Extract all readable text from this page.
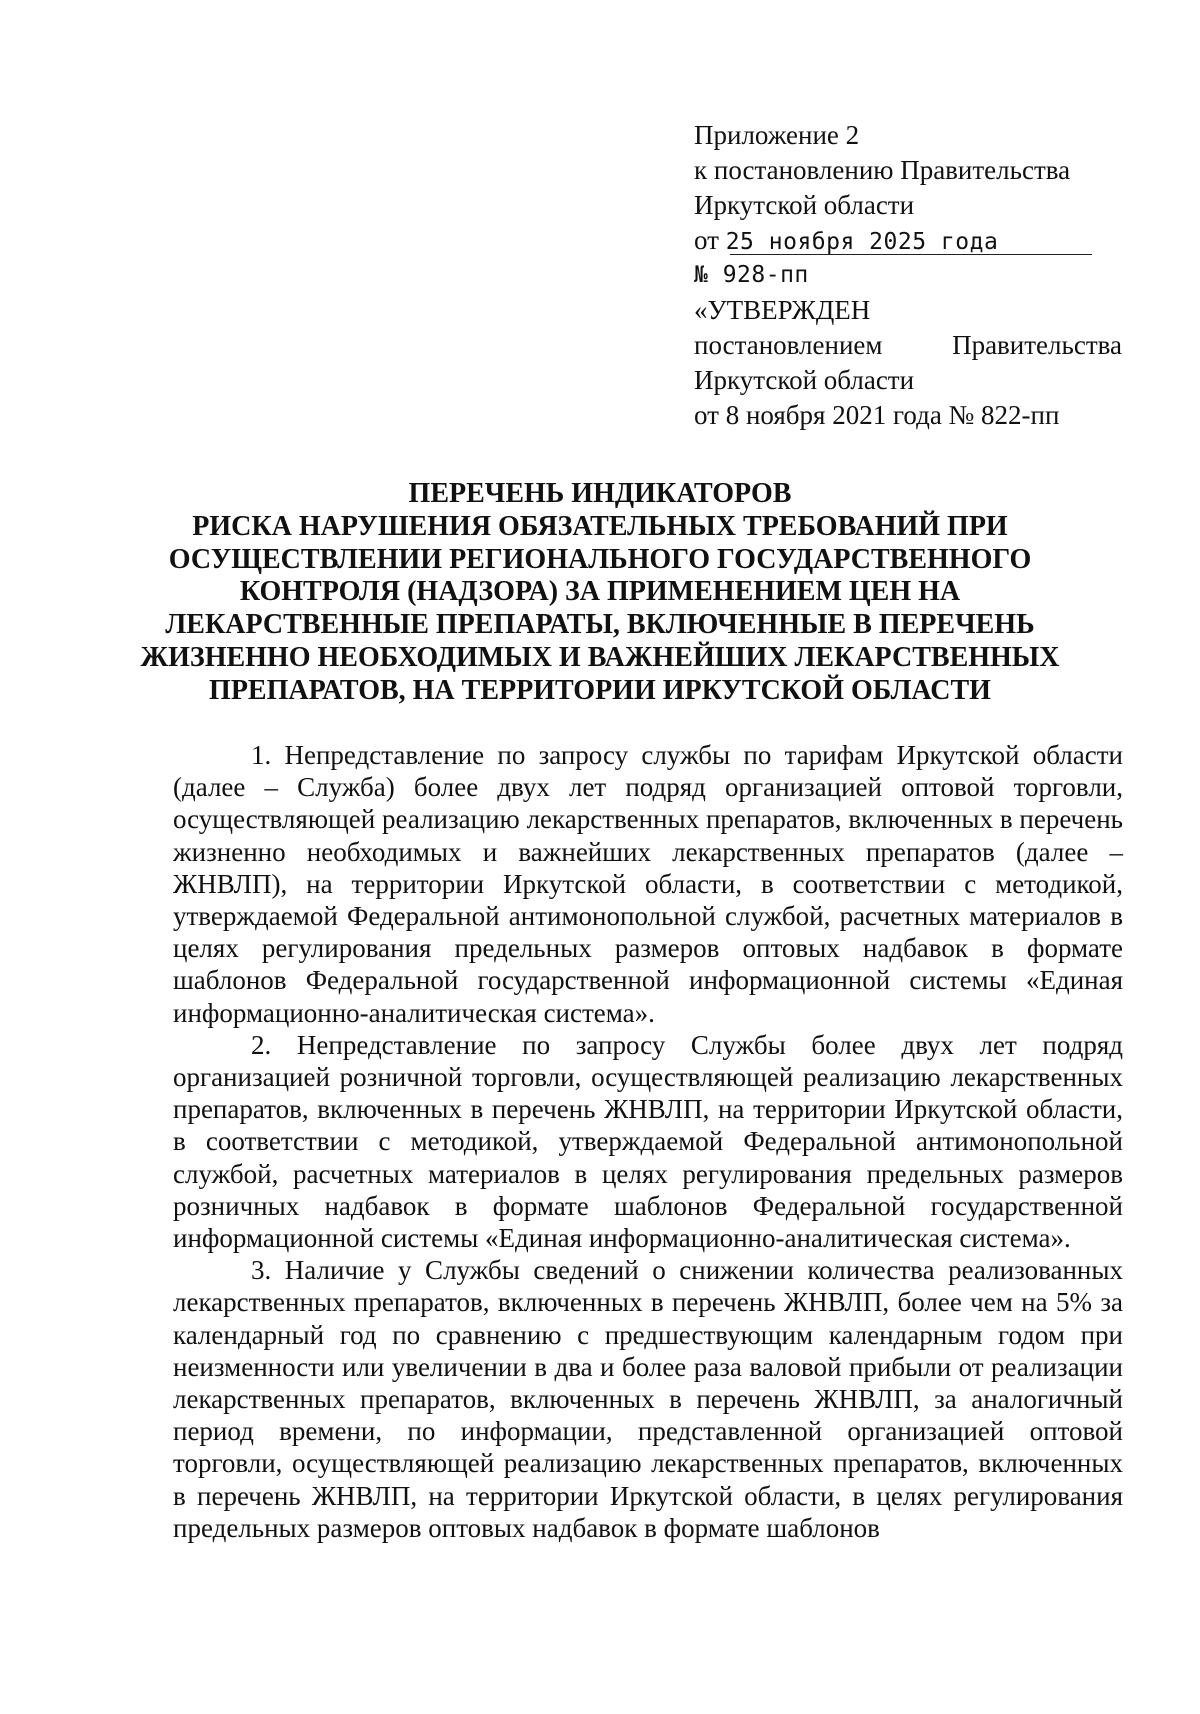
Приложение 2
к постановлению Правительства
Иркутской области
от 25 ноября 2025 года
№ 928-пп
«УТВЕРЖДЕН
постановлением	Правительства
Иркутской области
от 8 ноября 2021 года № 822-пп
ПЕРЕЧЕНЬ ИНДИКАТОРОВ
РИСКА НАРУШЕНИЯ ОБЯЗАТЕЛЬНЫХ ТРЕБОВАНИЙ ПРИ
ОСУЩЕСТВЛЕНИИ РЕГИОНАЛЬНОГО ГОСУДАРСТВЕННОГО
КОНТРОЛЯ (НАДЗОРА) ЗА ПРИМЕНЕНИЕМ ЦЕН НА
ЛЕКАРСТВЕННЫЕ ПРЕПАРАТЫ, ВКЛЮЧЕННЫЕ В ПЕРЕЧЕНЬ
ЖИЗНЕННО НЕОБХОДИМЫХ И ВАЖНЕЙШИХ ЛЕКАРСТВЕННЫХ
ПРЕПАРАТОВ, НА ТЕРРИТОРИИ ИРКУТСКОЙ ОБЛАСТИ

1. Непредставление по запросу службы по тарифам Иркутской области (далее – Служба) более двух лет подряд организацией оптовой торговли, осуществляющей реализацию лекарственных препаратов, включенных в перечень жизненно необходимых и важнейших лекарственных препаратов (далее – ЖНВЛП), на территории Иркутской области, в соответствии с методикой, утверждаемой Федеральной антимонопольной службой, расчетных материалов в целях регулирования предельных размеров оптовых надбавок в формате шаблонов Федеральной государственной информационной системы «Единая информационно-аналитическая система».

2. Непредставление по запросу Службы более двух лет подряд организацией розничной торговли, осуществляющей реализацию лекарственных препаратов, включенных в перечень ЖНВЛП, на территории Иркутской области, в соответствии с методикой, утверждаемой Федеральной антимонопольной службой, расчетных материалов в целях регулирования предельных размеров розничных надбавок в формате шаблонов Федеральной государственной информационной системы «Единая информационно-аналитическая система».

3. Наличие у Службы сведений о снижении количества реализованных лекарственных препаратов, включенных в перечень ЖНВЛП, более чем на 5% за календарный год по сравнению с предшествующим календарным годом при неизменности или увеличении в два и более раза валовой прибыли от реализации лекарственных препаратов, включенных в перечень ЖНВЛП, за аналогичный период времени, по информации, представленной организацией оптовой торговли, осуществляющей реализацию лекарственных препаратов, включенных в перечень ЖНВЛП, на территории Иркутской области, в целях регулирования предельных размеров оптовых надбавок в формате шаблонов
